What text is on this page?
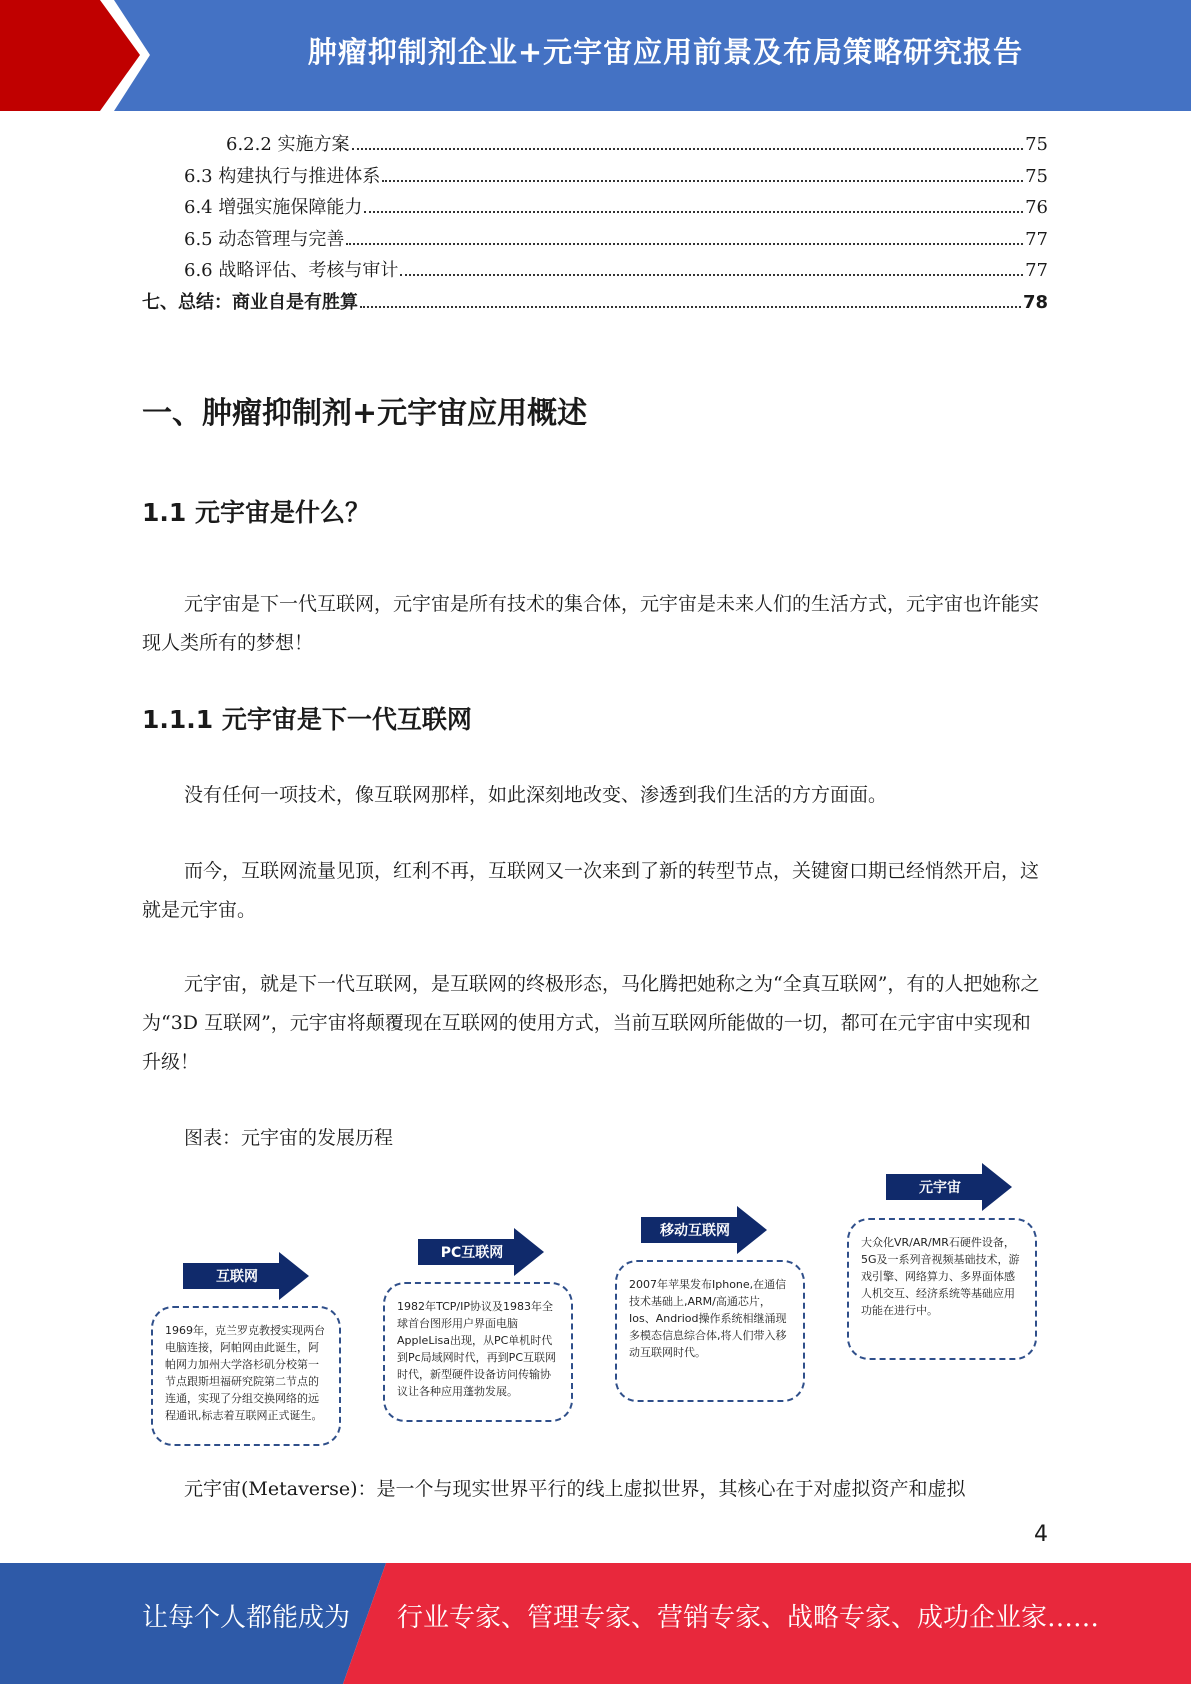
肿瘤抑制剂企业+元宇宙应用前景及布局策略研究报告
6.2.2 实施方案	75
6.3 构建执行与推进体系	75
6.4 增强实施保障能力	76
6.5 动态管理与完善	77
6.6 战略评估、考核与审计	77
七、总结：商业自是有胜算	78
一、肿瘤抑制剂+元宇宙应用概述
1.1 元宇宙是什么？
元宇宙是下一代互联网，元宇宙是所有技术的集合体，元宇宙是未来人们的生活方式，元宇宙也许能实现人类所有的梦想！
1.1.1 元宇宙是下一代互联网
没有任何一项技术，像互联网那样，如此深刻地改变、渗透到我们生活的方方面面。
而今，互联网流量见顶，红利不再，互联网又一次来到了新的转型节点，关键窗口期已经悄然开启，这就是元宇宙。
元宇宙，就是下一代互联网，是互联网的终极形态，马化腾把她称之为“全真互联网”，有的人把她称之为“3D 互联网”，元宇宙将颠覆现在互联网的使用方式，当前互联网所能做的一切，都可在元宇宙中实现和升级！
图表：元宇宙的发展历程
互联网
1969年，克兰罗克教授实现两台电脑连接，阿帕网由此诞生，阿帕网力加州大学洛杉矶分校第一节点跟斯坦福研究院第二节点的连通，实现了分组交换网络的远程通讯,标志着互联网正式诞生。
PC互联网
1982年TCP/IP协议及1983年全球首台图形用户界面电脑AppleLisa出现，从PC单机时代到Pc局域网时代，再到PC互联网时代，新型硬件设备访问传输协议让各种应用蓬勃发展。
移动互联网
2007年苹果发布Iphone,在通信技术基础上,ARM/高通芯片，Ios、Andriod操作系统相继涌现多模态信息综合体,将人们带入移动互联网时代。
元宇宙
大众化VR/AR/MR石硬件设备，5G及一系列音视频基础技术，游戏引擎、网络算力、多界面体感人机交互、经济系统等基础应用功能在进行中。
元宇宙(Metaverse)：是一个与现实世界平行的线上虚拟世界，其核心在于对虚拟资产和虚拟
4
让每个人都能成为 行业专家、管理专家、营销专家、战略专家、成功企业家……
